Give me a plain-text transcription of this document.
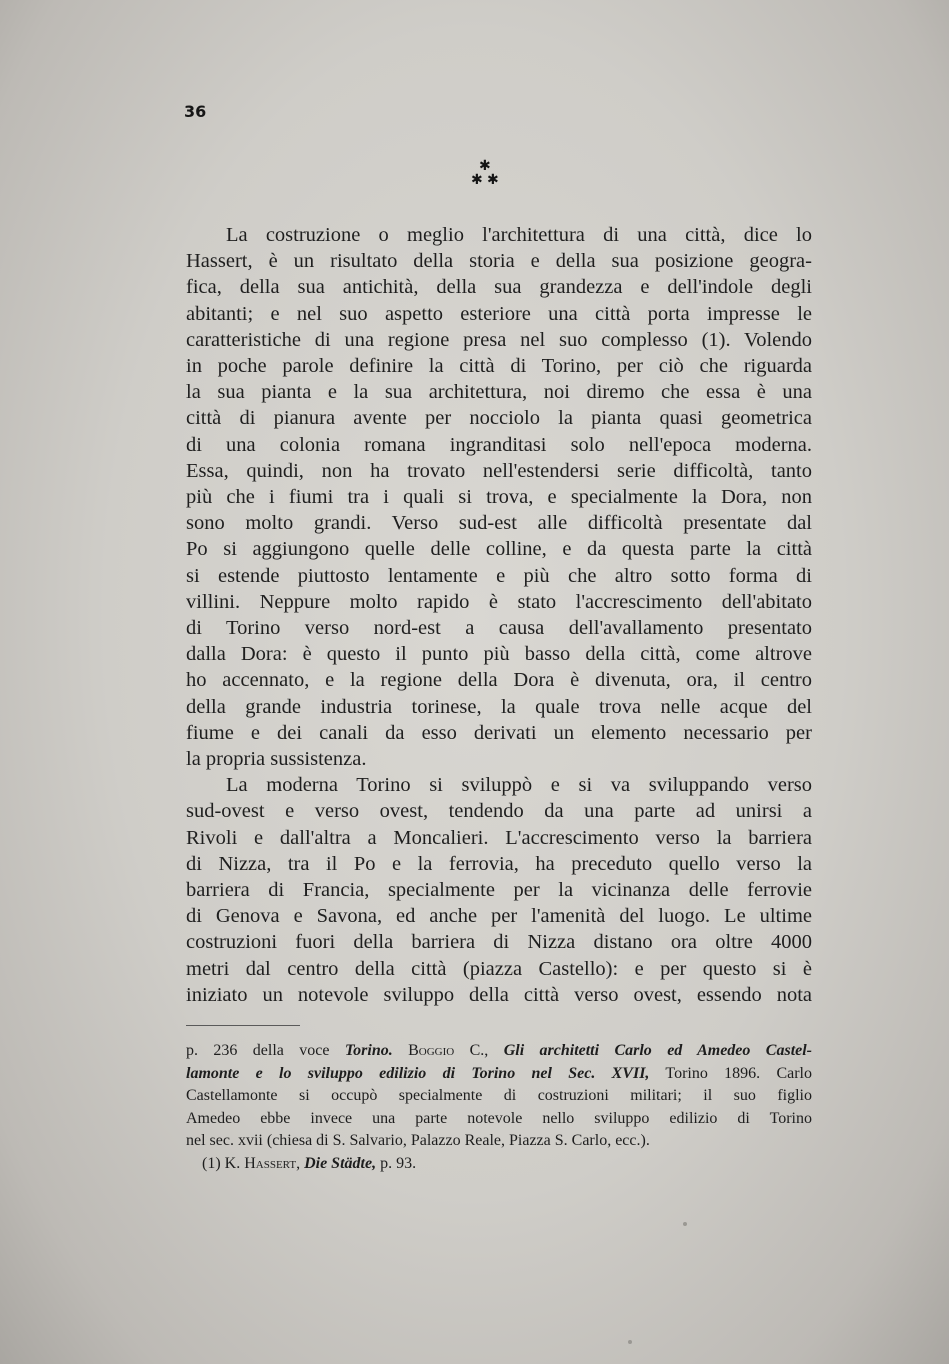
36
✱
✱ ✱

La costruzione o meglio l'architettura di una città, dice lo
Hassert, è un risultato della storia e della sua posizione geogra-
fica, della sua antichità, della sua grandezza e dell'indole degli
abitanti; e nel suo aspetto esteriore una città porta impresse le
caratteristiche di una regione presa nel suo complesso (1). Volendo
in poche parole definire la città di Torino, per ciò che riguarda
la sua pianta e la sua architettura, noi diremo che essa è una
città di pianura avente per nocciolo la pianta quasi geometrica
di una colonia romana ingranditasi solo nell'epoca moderna.
Essa, quindi, non ha trovato nell'estendersi serie difficoltà, tanto
più che i fiumi tra i quali si trova, e specialmente la Dora, non
sono molto grandi. Verso sud-est alle difficoltà presentate dal
Po si aggiungono quelle delle colline, e da questa parte la città
si estende piuttosto lentamente e più che altro sotto forma di
villini. Neppure molto rapido è stato l'accrescimento dell'abitato
di Torino verso nord-est a causa dell'avallamento presentato
dalla Dora: è questo il punto più basso della città, come altrove
ho accennato, e la regione della Dora è divenuta, ora, il centro
della grande industria torinese, la quale trova nelle acque del
fiume e dei canali da esso derivati un elemento necessario per
la propria sussistenza.

La moderna Torino si sviluppò e si va sviluppando verso
sud-ovest e verso ovest, tendendo da una parte ad unirsi a
Rivoli e dall'altra a Moncalieri. L'accrescimento verso la barriera
di Nizza, tra il Po e la ferrovia, ha preceduto quello verso la
barriera di Francia, specialmente per la vicinanza delle ferrovie
di Genova e Savona, ed anche per l'amenità del luogo. Le ultime
costruzioni fuori della barriera di Nizza distano ora oltre 4000
metri dal centro della città (piazza Castello): e per questo si è
iniziato un notevole sviluppo della città verso ovest, essendo nota

p. 236 della voce Torino. Boggio C., Gli architetti Carlo ed Amedeo Castel-
lamonte e lo sviluppo edilizio di Torino nel Sec. XVII, Torino 1896. Carlo
Castellamonte si occupò specialmente di costruzioni militari; il suo figlio
Amedeo ebbe invece una parte notevole nello sviluppo edilizio di Torino
nel sec. xvii (chiesa di S. Salvario, Palazzo Reale, Piazza S. Carlo, ecc.).
(1) K. Hassert, Die Städte, p. 93.
